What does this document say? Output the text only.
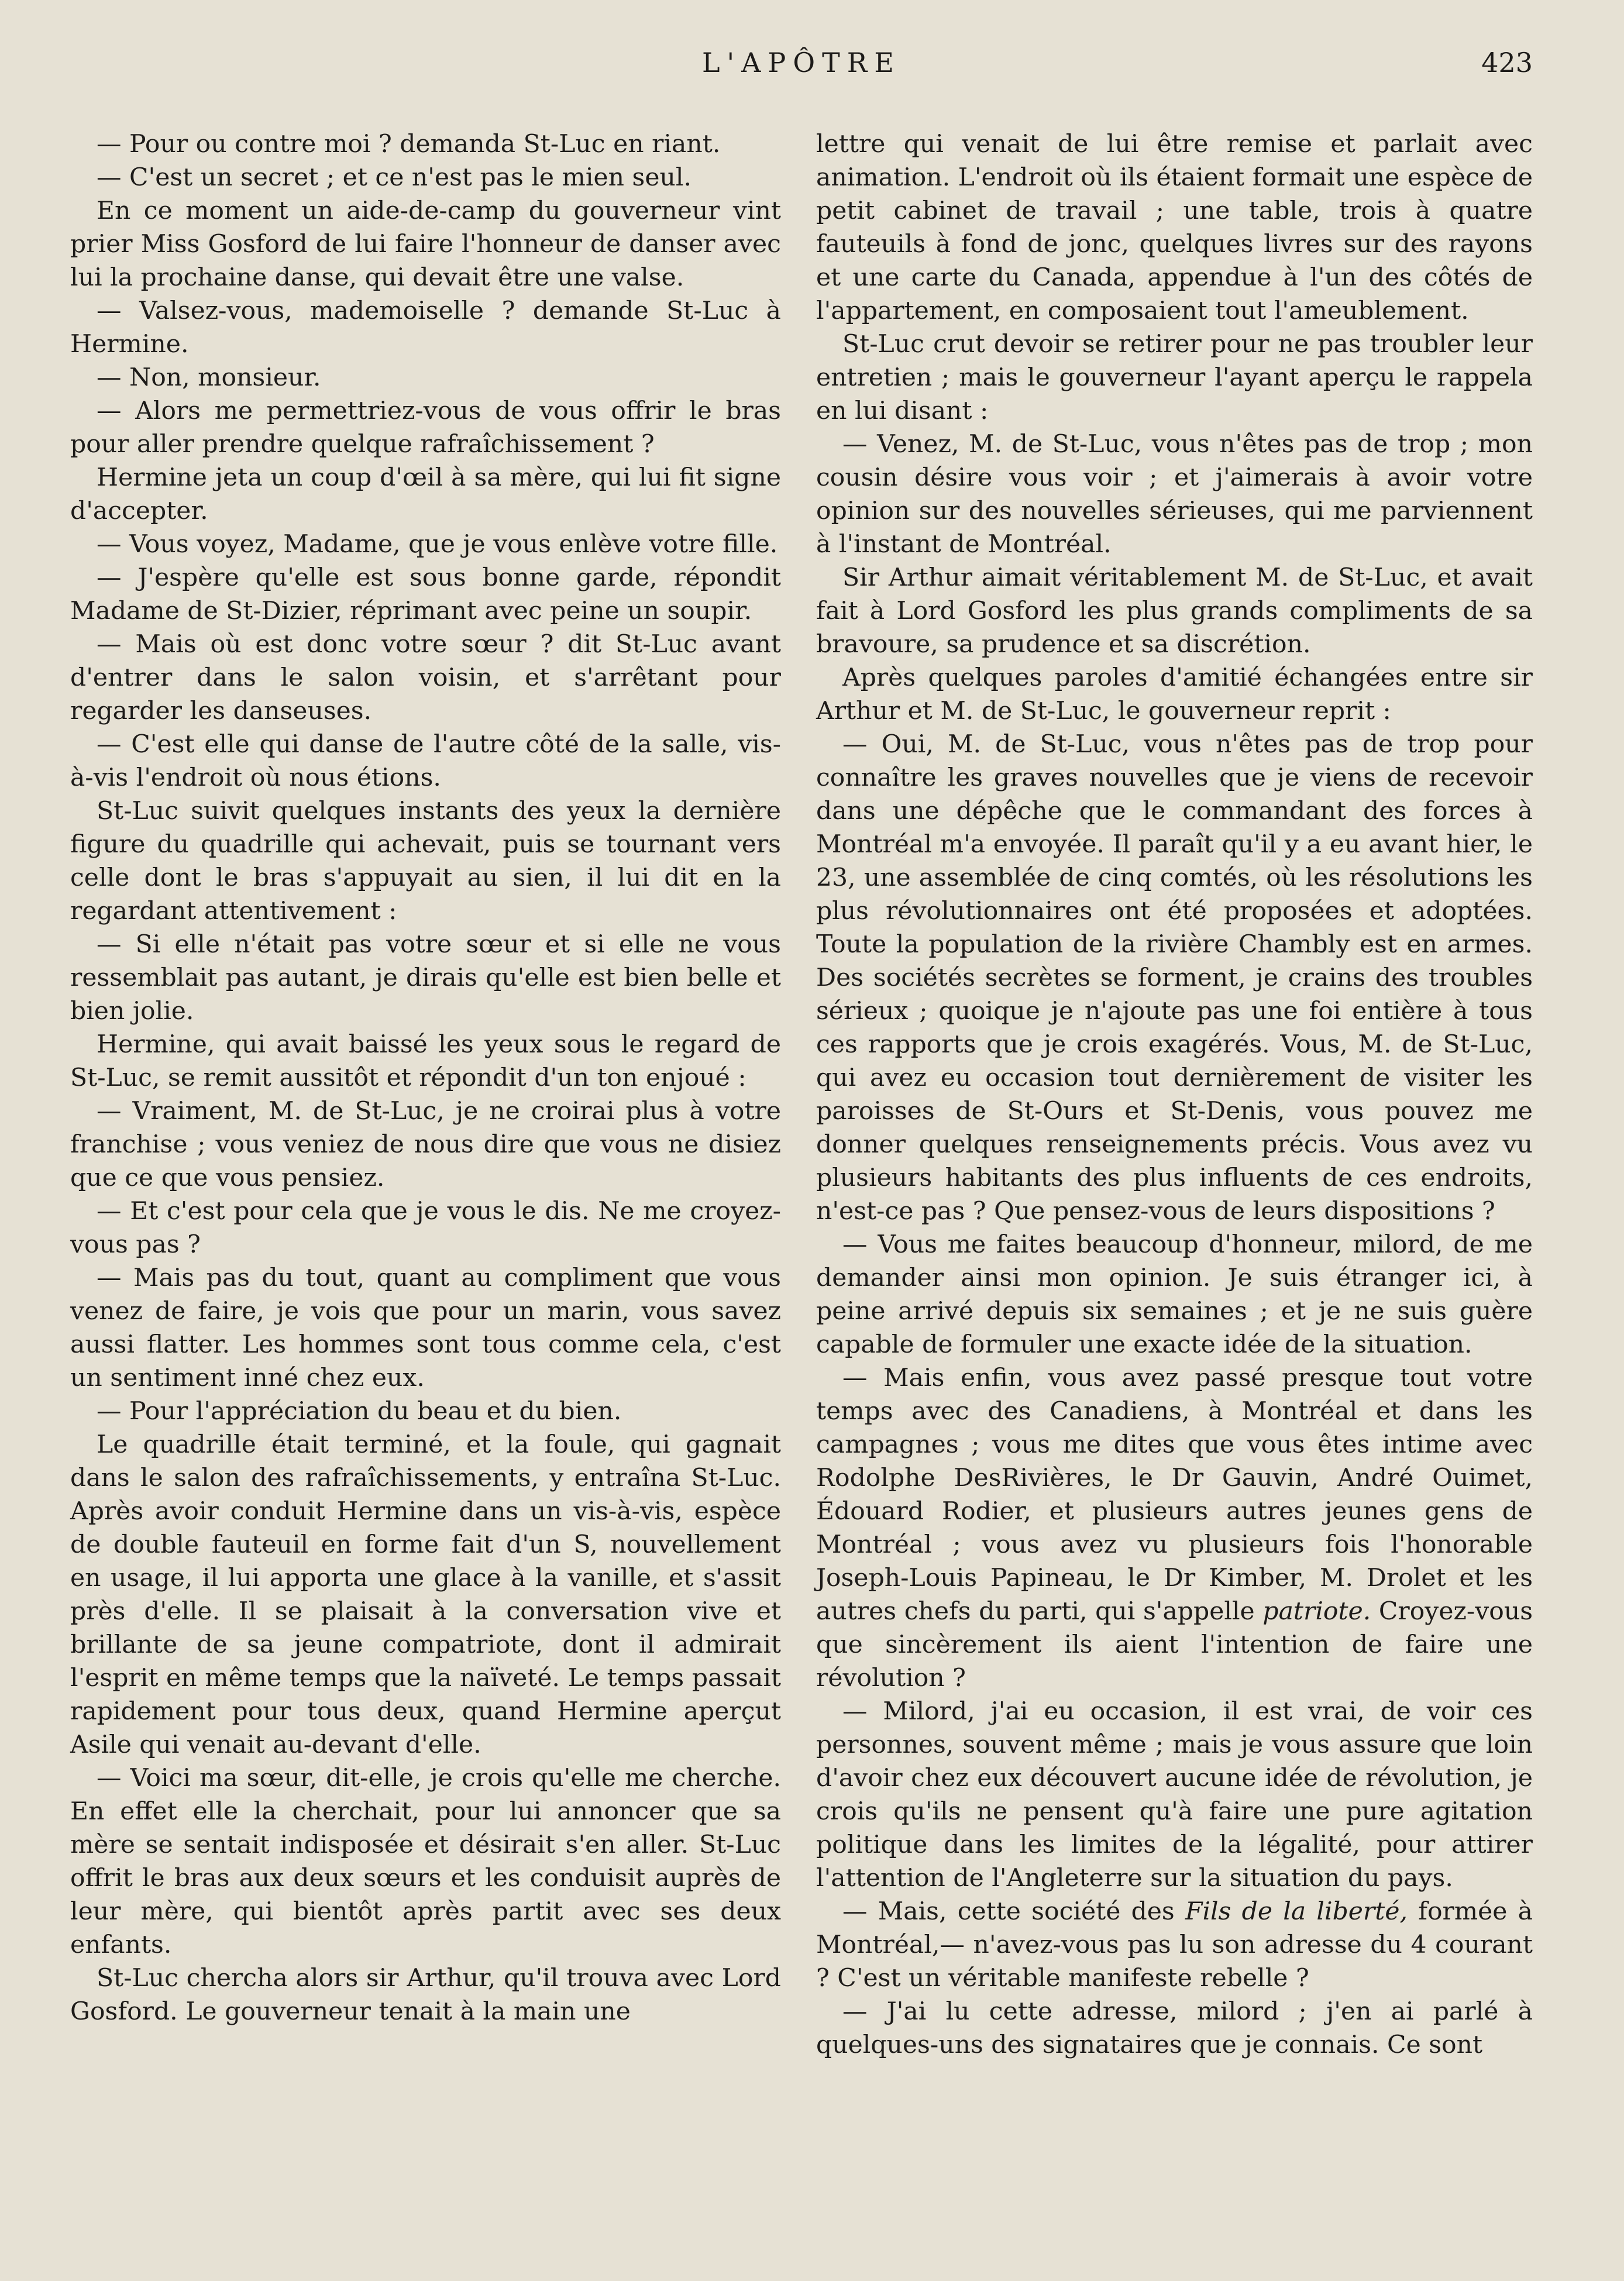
L'APÔTRE	423

— Pour ou contre moi ? demanda St-Luc en riant.

— C'est un secret ; et ce n'est pas le mien seul.

En ce moment un aide-de-camp du gouverneur vint prier Miss Gosford de lui faire l'honneur de danser avec lui la prochaine danse, qui devait être une valse.

— Valsez-vous, mademoiselle ? demande St-Luc à Hermine.

— Non, monsieur.

— Alors me permettriez-vous de vous offrir le bras pour aller prendre quelque rafraîchissement ?

Hermine jeta un coup d'œil à sa mère, qui lui fit signe d'accepter.

— Vous voyez, Madame, que je vous enlève votre fille.

— J'espère qu'elle est sous bonne garde, répondit Madame de St-Dizier, réprimant avec peine un soupir.

— Mais où est donc votre sœur ? dit St-Luc avant d'entrer dans le salon voisin, et s'arrêtant pour regarder les danseuses.

— C'est elle qui danse de l'autre côté de la salle, vis-à-vis l'endroit où nous étions.

St-Luc suivit quelques instants des yeux la dernière figure du quadrille qui achevait, puis se tournant vers celle dont le bras s'appuyait au sien, il lui dit en la regardant attentivement :

— Si elle n'était pas votre sœur et si elle ne vous ressemblait pas autant, je dirais qu'elle est bien belle et bien jolie.

Hermine, qui avait baissé les yeux sous le regard de St-Luc, se remit aussitôt et répondit d'un ton enjoué :

— Vraiment, M. de St-Luc, je ne croirai plus à votre franchise ; vous veniez de nous dire que vous ne disiez que ce que vous pensiez.

— Et c'est pour cela que je vous le dis. Ne me croyez-vous pas ?

— Mais pas du tout, quant au compliment que vous venez de faire, je vois que pour un marin, vous savez aussi flatter. Les hommes sont tous comme cela, c'est un sentiment inné chez eux.

— Pour l'appréciation du beau et du bien.

Le quadrille était terminé, et la foule, qui gagnait dans le salon des rafraîchissements, y entraîna St-Luc. Après avoir conduit Hermine dans un vis-à-vis, espèce de double fauteuil en forme fait d'un S, nouvellement en usage, il lui apporta une glace à la vanille, et s'assit près d'elle. Il se plaisait à la conversation vive et brillante de sa jeune compatriote, dont il admirait l'esprit en même temps que la naïveté. Le temps passait rapidement pour tous deux, quand Hermine aperçut Asile qui venait au-devant d'elle.

— Voici ma sœur, dit-elle, je crois qu'elle me cherche. En effet elle la cherchait, pour lui annoncer que sa mère se sentait indisposée et désirait s'en aller. St-Luc offrit le bras aux deux sœurs et les conduisit auprès de leur mère, qui bientôt après partit avec ses deux enfants.

St-Luc chercha alors sir Arthur, qu'il trouva avec Lord Gosford. Le gouverneur tenait à la main une

lettre qui venait de lui être remise et parlait avec animation. L'endroit où ils étaient formait une espèce de petit cabinet de travail ; une table, trois à quatre fauteuils à fond de jonc, quelques livres sur des rayons et une carte du Canada, appendue à l'un des côtés de l'appartement, en composaient tout l'ameublement.

St-Luc crut devoir se retirer pour ne pas troubler leur entretien ; mais le gouverneur l'ayant aperçu le rappela en lui disant :

— Venez, M. de St-Luc, vous n'êtes pas de trop ; mon cousin désire vous voir ; et j'aimerais à avoir votre opinion sur des nouvelles sérieuses, qui me parviennent à l'instant de Montréal.

Sir Arthur aimait véritablement M. de St-Luc, et avait fait à Lord Gosford les plus grands compliments de sa bravoure, sa prudence et sa discrétion.

Après quelques paroles d'amitié échangées entre sir Arthur et M. de St-Luc, le gouverneur reprit :

— Oui, M. de St-Luc, vous n'êtes pas de trop pour connaître les graves nouvelles que je viens de recevoir dans une dépêche que le commandant des forces à Montréal m'a envoyée. Il paraît qu'il y a eu avant hier, le 23, une assemblée de cinq comtés, où les résolutions les plus révolutionnaires ont été proposées et adoptées. Toute la population de la rivière Chambly est en armes. Des sociétés secrètes se forment, je crains des troubles sérieux ; quoique je n'ajoute pas une foi entière à tous ces rapports que je crois exagérés. Vous, M. de St-Luc, qui avez eu occasion tout dernièrement de visiter les paroisses de St-Ours et St-Denis, vous pouvez me donner quelques renseignements précis. Vous avez vu plusieurs habitants des plus influents de ces endroits, n'est-ce pas ? Que pensez-vous de leurs dispositions ?

— Vous me faites beaucoup d'honneur, milord, de me demander ainsi mon opinion. Je suis étranger ici, à peine arrivé depuis six semaines ; et je ne suis guère capable de formuler une exacte idée de la situation.

— Mais enfin, vous avez passé presque tout votre temps avec des Canadiens, à Montréal et dans les campagnes ; vous me dites que vous êtes intime avec Rodolphe DesRivières, le Dr Gauvin, André Ouimet, Édouard Rodier, et plusieurs autres jeunes gens de Montréal ; vous avez vu plusieurs fois l'honorable Joseph-Louis Papineau, le Dr Kimber, M. Drolet et les autres chefs du parti, qui s'appelle patriote. Croyez-vous que sincèrement ils aient l'intention de faire une révolution ?

— Milord, j'ai eu occasion, il est vrai, de voir ces personnes, souvent même ; mais je vous assure que loin d'avoir chez eux découvert aucune idée de révolution, je crois qu'ils ne pensent qu'à faire une pure agitation politique dans les limites de la légalité, pour attirer l'attention de l'Angleterre sur la situation du pays.

— Mais, cette société des Fils de la liberté, formée à Montréal,— n'avez-vous pas lu son adresse du 4 courant ? C'est un véritable manifeste rebelle ?

— J'ai lu cette adresse, milord ; j'en ai parlé à quelques-uns des signataires que je connais. Ce sont
